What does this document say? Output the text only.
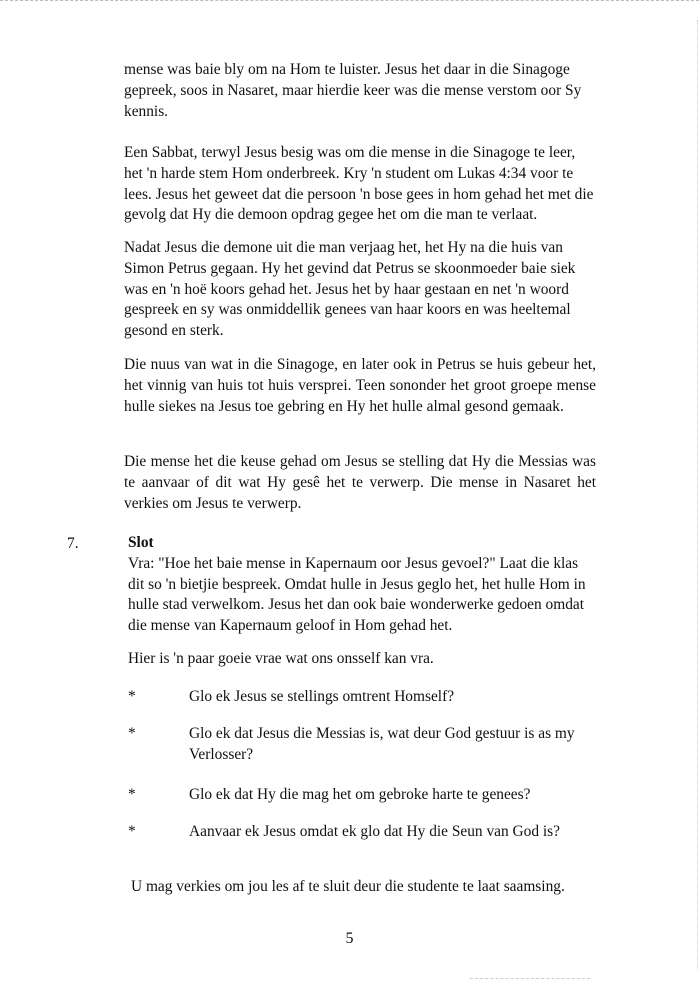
mense was baie bly om na Hom te luister. Jesus het daar in die Sinagoge gepreek, soos in Nasaret, maar hierdie keer was die mense verstom oor Sy kennis.

Een Sabbat, terwyl Jesus besig was om die mense in die Sinagoge te leer, het 'n harde stem Hom onderbreek. Kry 'n student om Lukas 4:34 voor te lees. Jesus het geweet dat die persoon 'n bose gees in hom gehad het met die gevolg dat Hy die demoon opdrag gegee het om die man te verlaat.

Nadat Jesus die demone uit die man verjaag het, het Hy na die huis van Simon Petrus gegaan. Hy het gevind dat Petrus se skoonmoeder baie siek was en 'n hoë koors gehad het. Jesus het by haar gestaan en net 'n woord gespreek en sy was onmiddellik genees van haar koors en was heeltemal gesond en sterk.

Die nuus van wat in die Sinagoge, en later ook in Petrus se huis gebeur het, het vinnig van huis tot huis versprei. Teen sononder het groot groepe mense hulle siekes na Jesus toe gebring en Hy het hulle almal gesond gemaak.

Die mense het die keuse gehad om Jesus se stelling dat Hy die Messias was te aanvaar of dit wat Hy gesê het te verwerp. Die mense in Nasaret het verkies om Jesus te verwerp.

7.	Slot
Vra: "Hoe het baie mense in Kapernaum oor Jesus gevoel?" Laat die klas dit so 'n bietjie bespreek. Omdat hulle in Jesus geglo het, het hulle Hom in hulle stad verwelkom. Jesus het dan ook baie wonderwerke gedoen omdat die mense van Kapernaum geloof in Hom gehad het.

Hier is 'n paar goeie vrae wat ons onsself kan vra.

*	Glo ek Jesus se stellings omtrent Homself?
*	Glo ek dat Jesus die Messias is, wat deur God gestuur is as my Verlosser?
*	Glo ek dat Hy die mag het om gebroke harte te genees?
*	Aanvaar ek Jesus omdat ek glo dat Hy die Seun van God is?

U mag verkies om jou les af te sluit deur die studente te laat saamsing.

5
